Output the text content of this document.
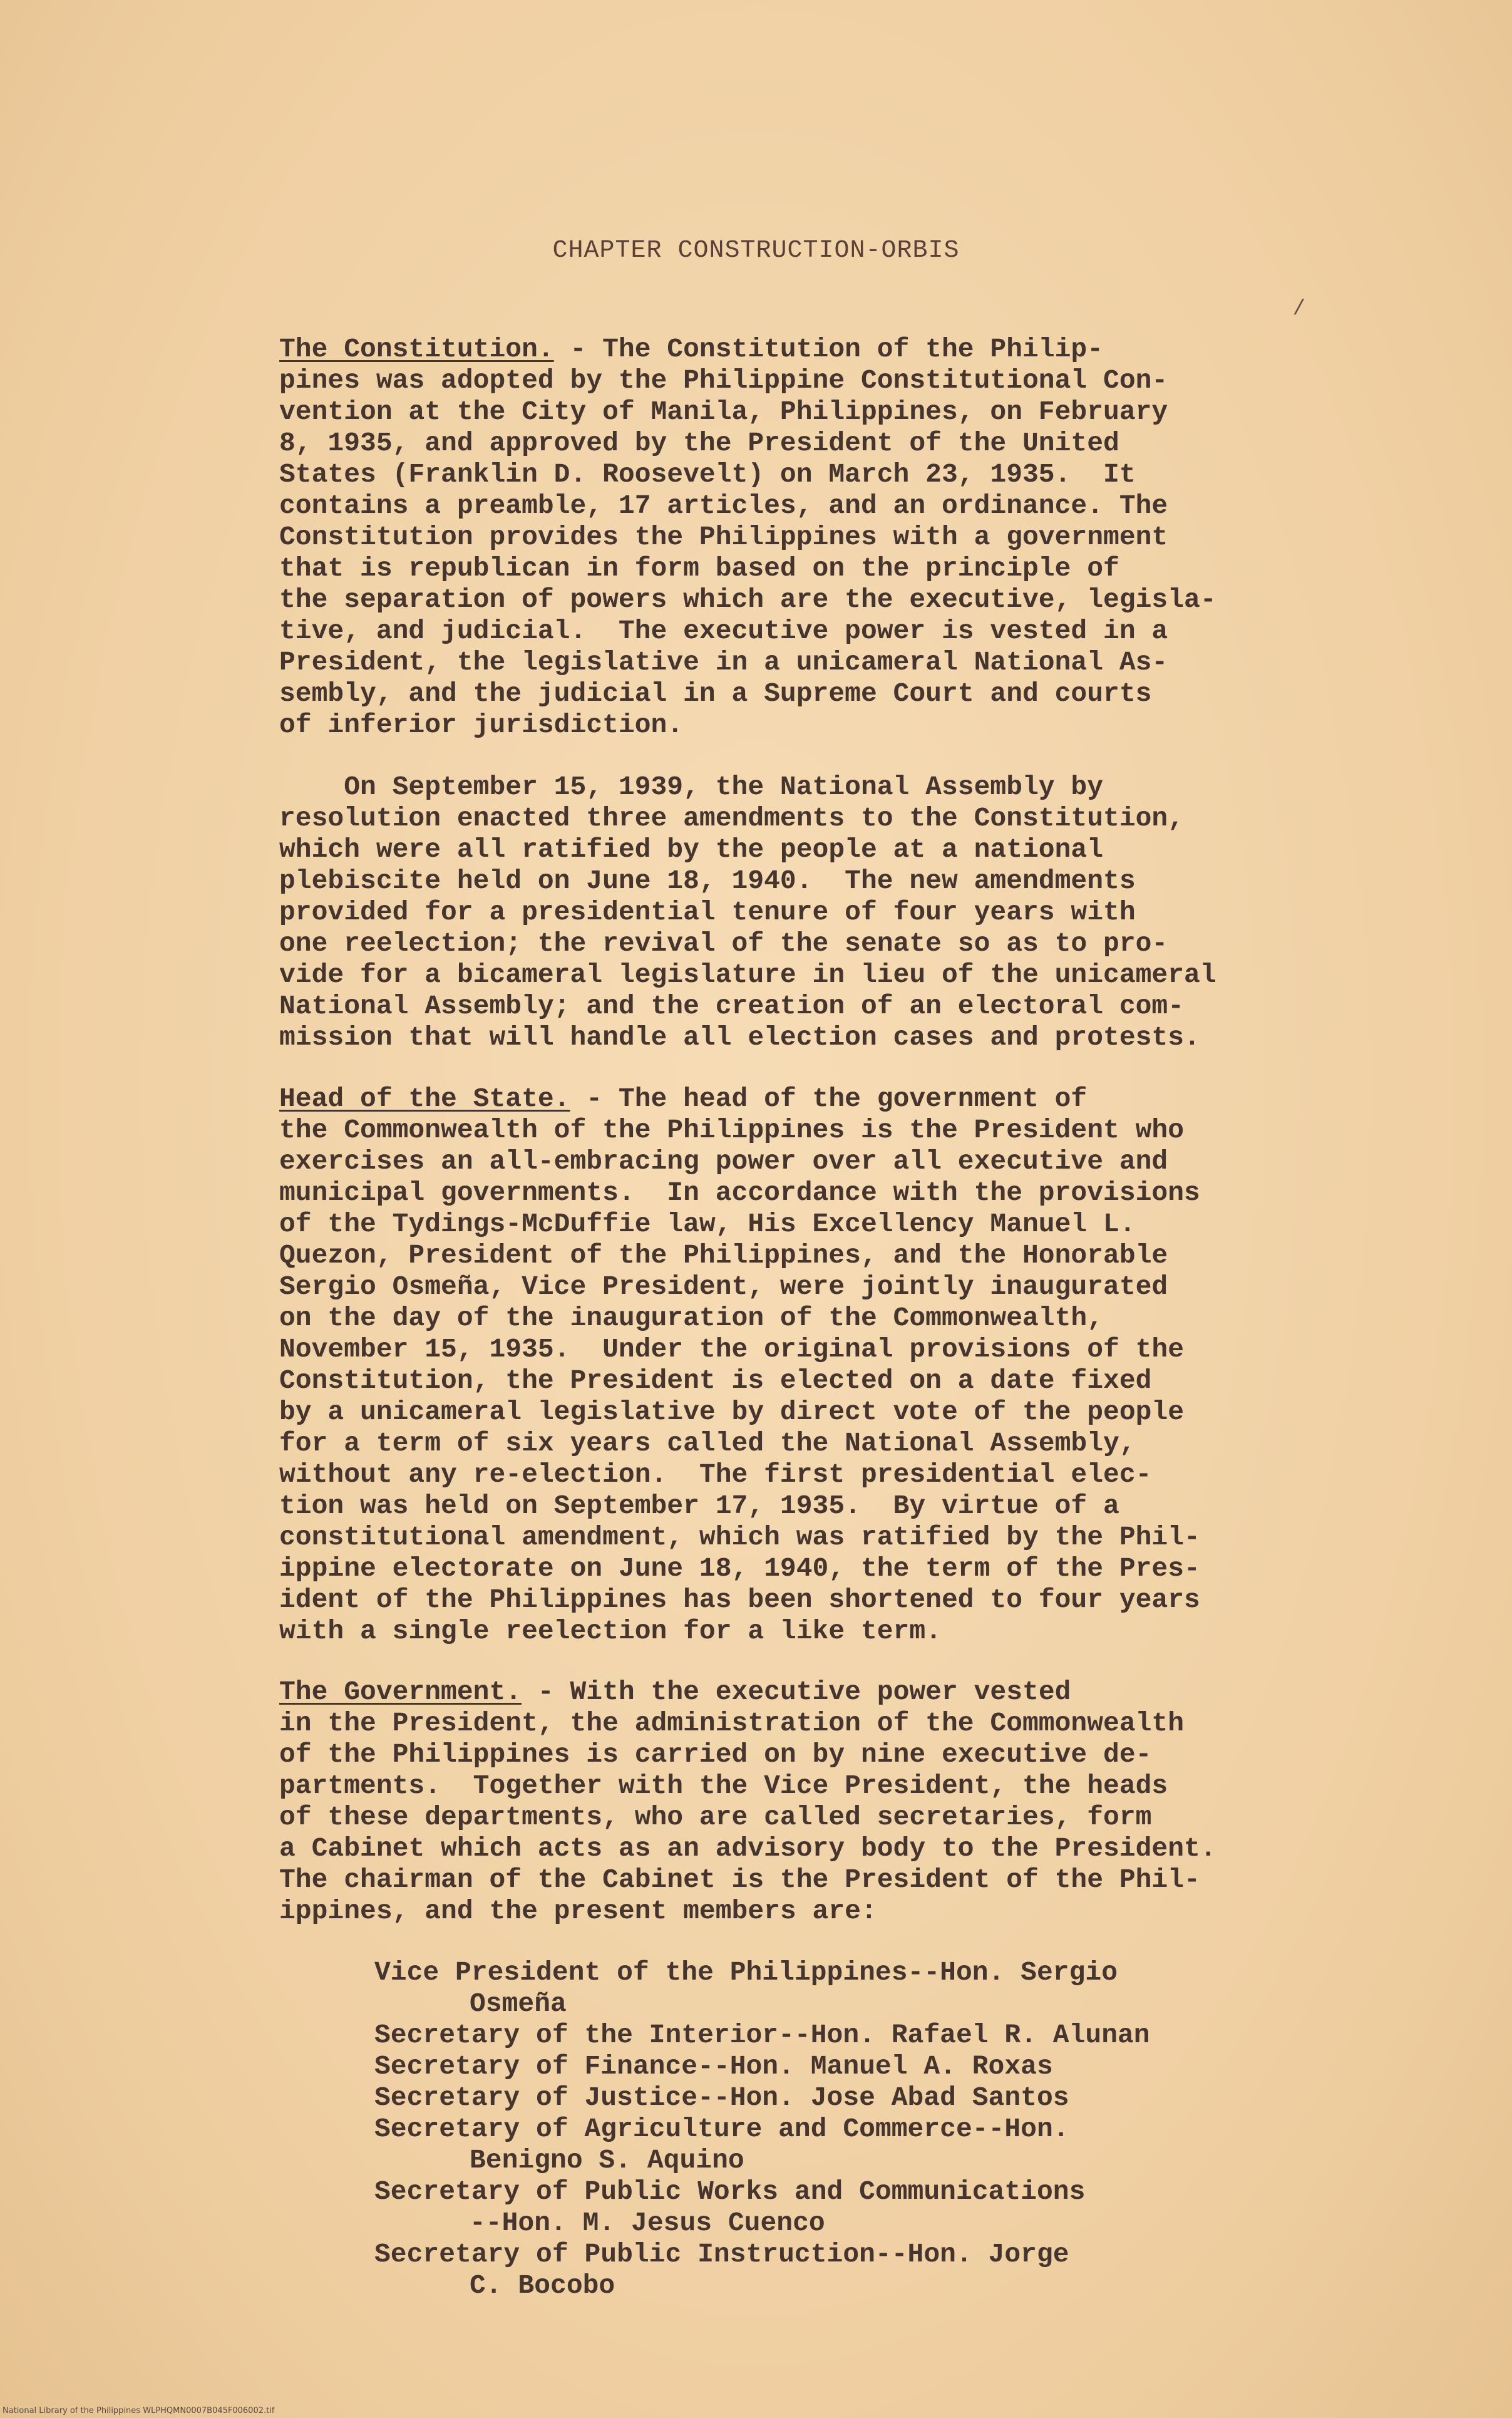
/
CHAPTER CONSTRUCTION-ORBIS
The Constitution. - The Constitution of the Philip-
pines was adopted by the Philippine Constitutional Con-
vention at the City of Manila, Philippines, on February
8, 1935, and approved by the President of the United
States (Franklin D. Roosevelt) on March 23, 1935.  It
contains a preamble, 17 articles, and an ordinance. The
Constitution provides the Philippines with a government
that is republican in form based on the principle of
the separation of powers which are the executive, legisla-
tive, and judicial.  The executive power is vested in a
President, the legislative in a unicameral National As-
sembly, and the judicial in a Supreme Court and courts
of inferior jurisdiction.
On September 15, 1939, the National Assembly by
resolution enacted three amendments to the Constitution,
which were all ratified by the people at a national
plebiscite held on June 18, 1940.  The new amendments
provided for a presidential tenure of four years with
one reelection; the revival of the senate so as to pro-
vide for a bicameral legislature in lieu of the unicameral
National Assembly; and the creation of an electoral com-
mission that will handle all election cases and protests.
Head of the State. - The head of the government of
the Commonwealth of the Philippines is the President who
exercises an all-embracing power over all executive and
municipal governments.  In accordance with the provisions
of the Tydings-McDuffie law, His Excellency Manuel L.
Quezon, President of the Philippines, and the Honorable
Sergio Osmeña, Vice President, were jointly inaugurated
on the day of the inauguration of the Commonwealth,
November 15, 1935.  Under the original provisions of the
Constitution, the President is elected on a date fixed
by a unicameral legislative by direct vote of the people
for a term of six years called the National Assembly,
without any re-election.  The first presidential elec-
tion was held on September 17, 1935.  By virtue of a
constitutional amendment, which was ratified by the Phil-
ippine electorate on June 18, 1940, the term of the Pres-
ident of the Philippines has been shortened to four years
with a single reelection for a like term.
The Government. - With the executive power vested
in the President, the administration of the Commonwealth
of the Philippines is carried on by nine executive de-
partments.  Together with the Vice President, the heads
of these departments, who are called secretaries, form
a Cabinet which acts as an advisory body to the President.
The chairman of the Cabinet is the President of the Phil-
ippines, and the present members are:
Vice President of the Philippines--Hon. Sergio
Osmeña
Secretary of the Interior--Hon. Rafael R. Alunan
Secretary of Finance--Hon. Manuel A. Roxas
Secretary of Justice--Hon. Jose Abad Santos
Secretary of Agriculture and Commerce--Hon.
Benigno S. Aquino
Secretary of Public Works and Communications
--Hon. M. Jesus Cuenco
Secretary of Public Instruction--Hon. Jorge
C. Bocobo
National Library of the Philippines WLPHQMN0007B045F006002.tif
